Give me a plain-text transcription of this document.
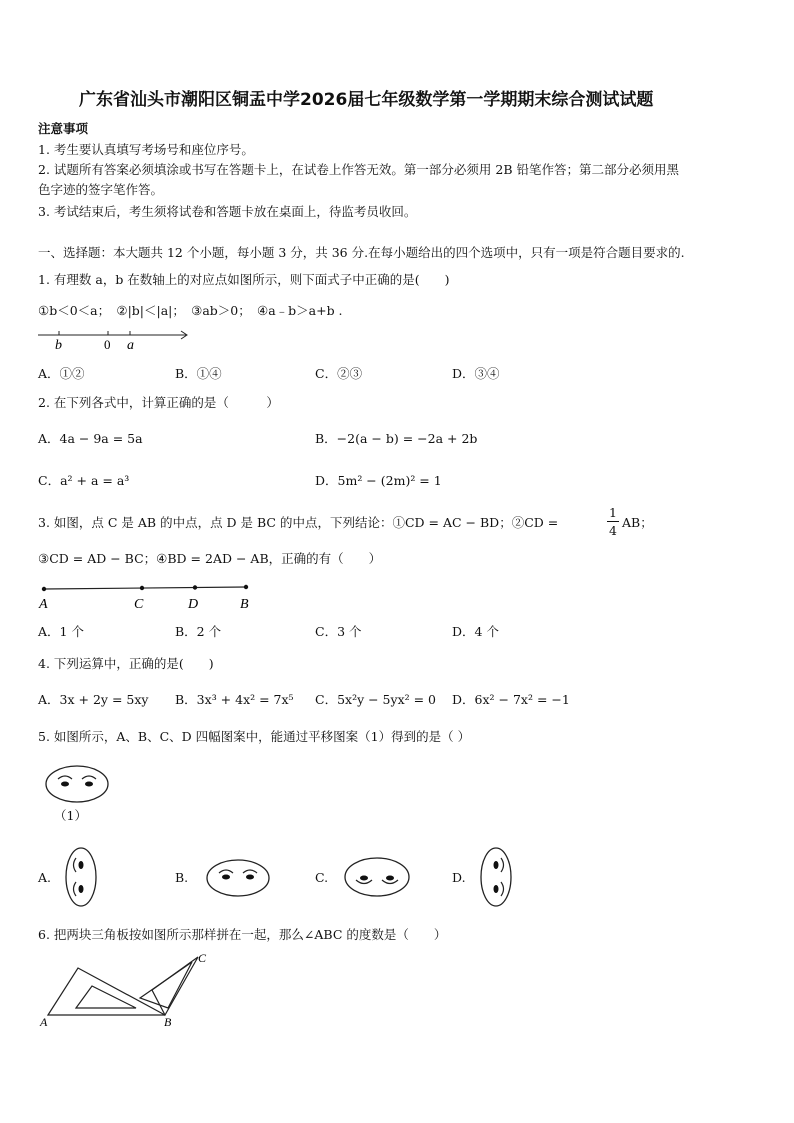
广东省汕头市潮阳区铜盂中学2026届七年级数学第一学期期末综合测试试题
注意事项
1. 考生要认真填写考场号和座位序号。
2. 试题所有答案必须填涂或书写在答题卡上，在试卷上作答无效。第一部分必须用 2B 铅笔作答；第二部分必须用黑
色字迹的签字笔作答。
3. 考试结束后，考生须将试卷和答题卡放在桌面上，待监考员收回。
一、选择题：本大题共 12 个小题，每小题 3 分，共 36 分.在每小题给出的四个选项中，只有一项是符合题目要求的.
1. 有理数 a，b 在数轴上的对应点如图所示，则下面式子中正确的是(　　)
①b＜0＜a；　②|b|＜|a|；　③ab＞0；　④a﹣b＞a+b .
b	0 a
A．①②	B．①④	C．②③	D．③④
2. 在下列各式中，计算正确的是（　　　）
A．4a − 9a = 5a	B．−2(a − b) = −2a + 2b
C．a² + a = a³	D．5m² − (2m)² = 1
3. 如图，点 C 是 AB 的中点，点 D 是 BC 的中点，下列结论：①CD = AC − BD；②CD =
1
4
AB；
③CD = AD − BC；④BD = 2AD − AB，正确的有（　　）
A	C	D	B
A．1 个	B．2 个	C．3 个	D．4 个
4. 下列运算中，正确的是(　　)
A．3x + 2y = 5xy B．3x³ + 4x² = 7x⁵ C．5x²y − 5yx² = 0 D．6x² − 7x² = −1
5. 如图所示，A、B、C、D 四幅图案中，能通过平移图案（1）得到的是（ ）
（1）
A.	B.	C.	D.
6. 把两块三角板按如图所示那样拼在一起，那么∠ABC 的度数是（　　）
A	B
C
